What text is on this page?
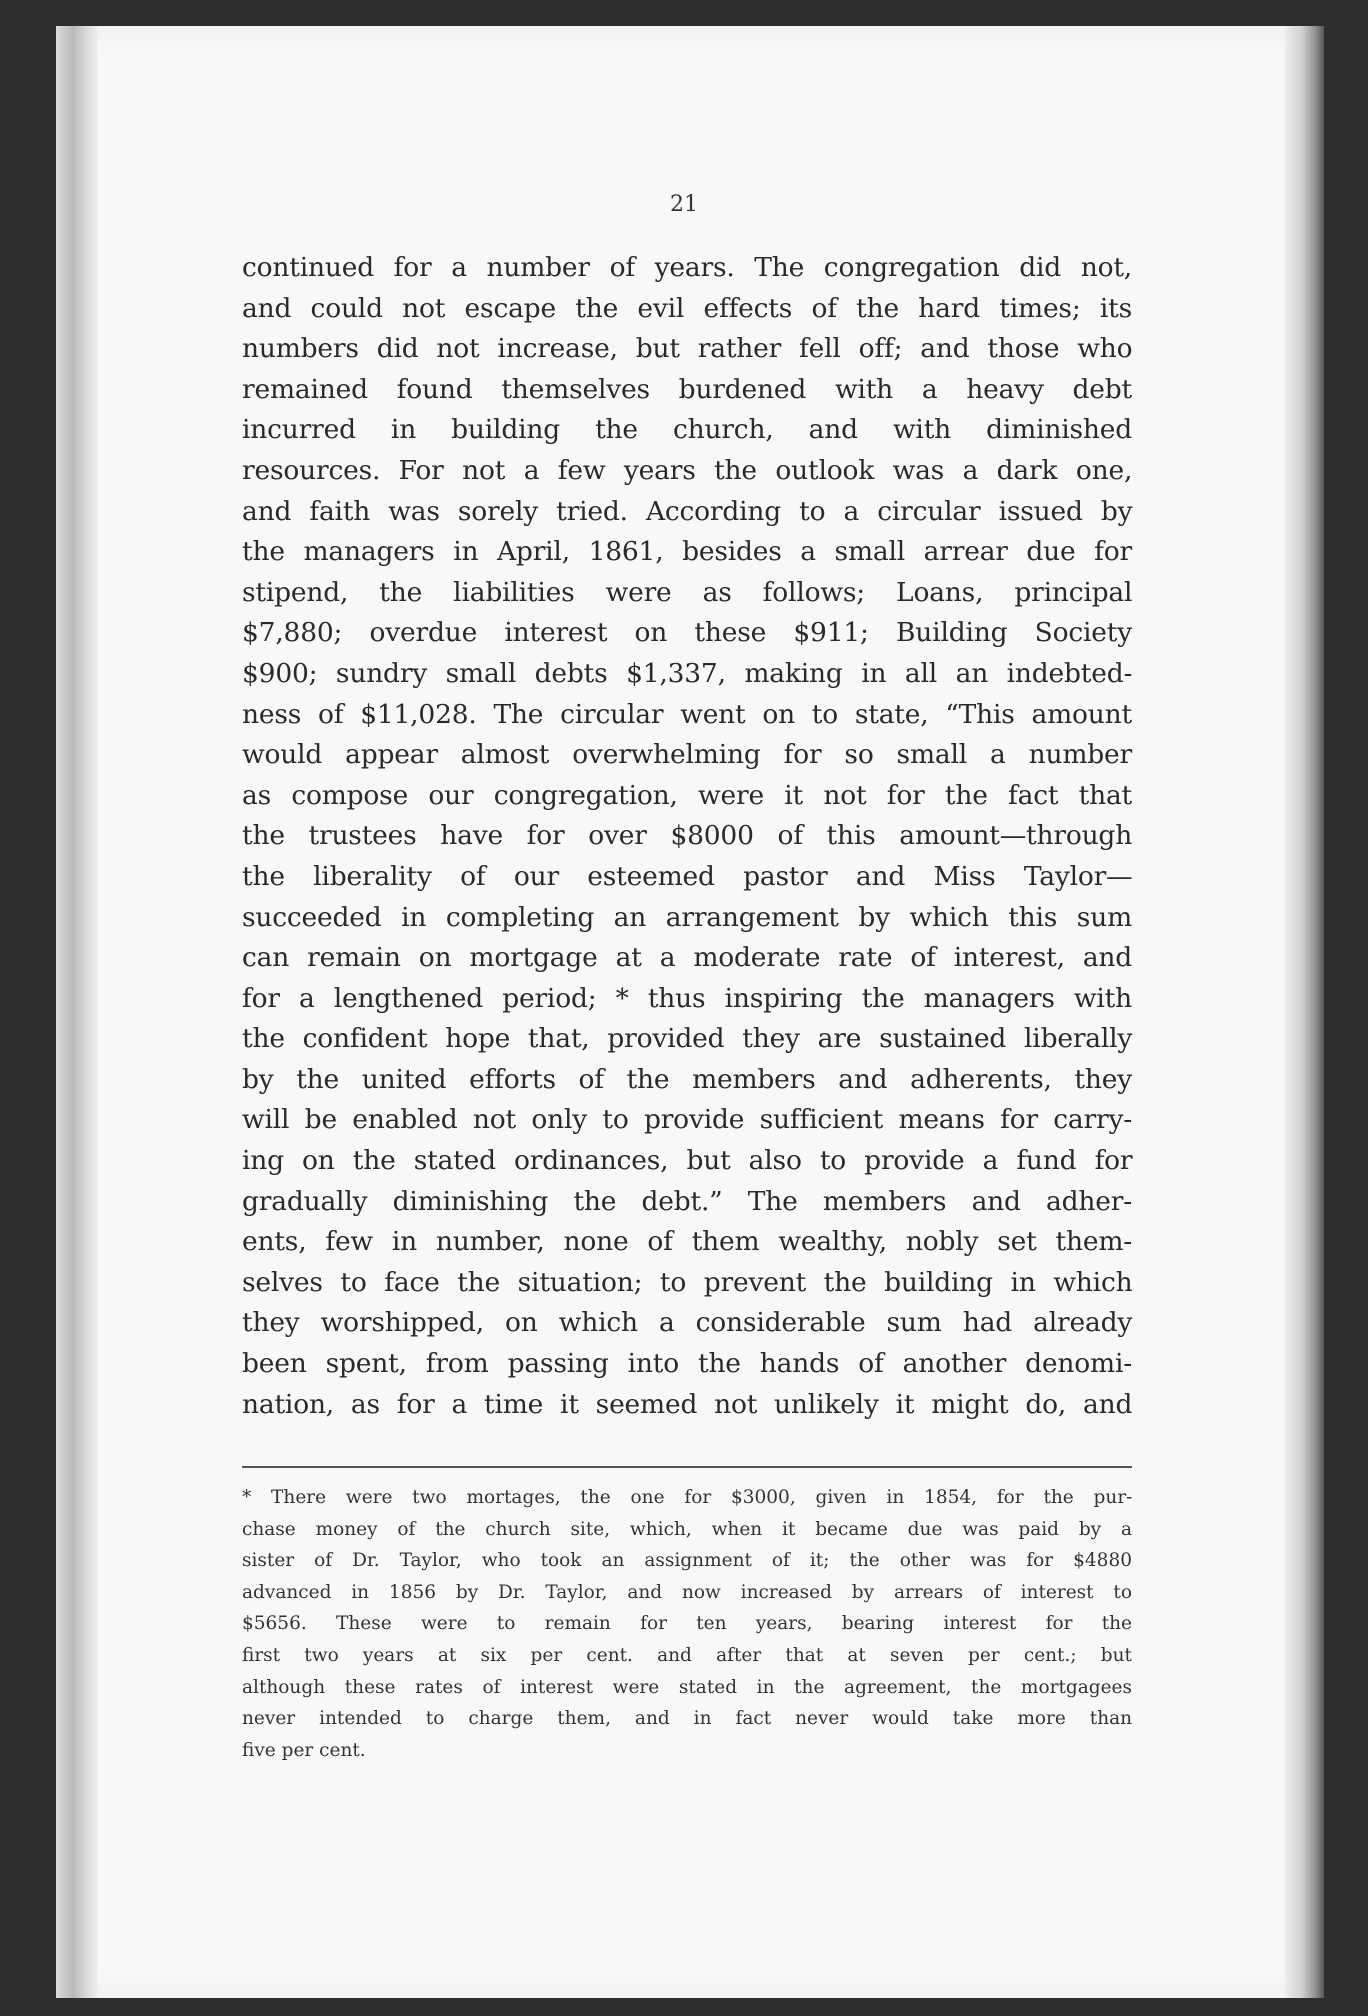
21
continued for a number of years. The congregation did not,
and could not escape the evil effects of the hard times; its
numbers did not increase, but rather fell off; and those who
remained found themselves burdened with a heavy debt
incurred in building the church, and with diminished
resources. For not a few years the outlook was a dark one,
and faith was sorely tried. According to a circular issued by
the managers in April, 1861, besides a small arrear due for
stipend, the liabilities were as follows; Loans, principal
$7,880; overdue interest on these $911; Building Society
$900; sundry small debts $1,337, making in all an indebted-
ness of $11,028. The circular went on to state, “This amount
would appear almost overwhelming for so small a number
as compose our congregation, were it not for the fact that
the trustees have for over $8000 of this amount—through
the liberality of our esteemed pastor and Miss Taylor—
succeeded in completing an arrangement by which this sum
can remain on mortgage at a moderate rate of interest, and
for a lengthened period; * thus inspiring the managers with
the confident hope that, provided they are sustained liberally
by the united efforts of the members and adherents, they
will be enabled not only to provide sufficient means for carry-
ing on the stated ordinances, but also to provide a fund for
gradually diminishing the debt.” The members and adher-
ents, few in number, none of them wealthy, nobly set them-
selves to face the situation; to prevent the building in which
they worshipped, on which a considerable sum had already
been spent, from passing into the hands of another denomi-
nation, as for a time it seemed not unlikely it might do, and
* There were two mortages, the one for $3000, given in 1854, for the pur-
chase money of the church site, which, when it became due was paid by a
sister of Dr. Taylor, who took an assignment of it; the other was for $4880
advanced in 1856 by Dr. Taylor, and now increased by arrears of interest to
$5656. These were to remain for ten years, bearing interest for the
first two years at six per cent. and after that at seven per cent.; but
although these rates of interest were stated in the agreement, the mortgagees
never intended to charge them, and in fact never would take more than
five per cent.
